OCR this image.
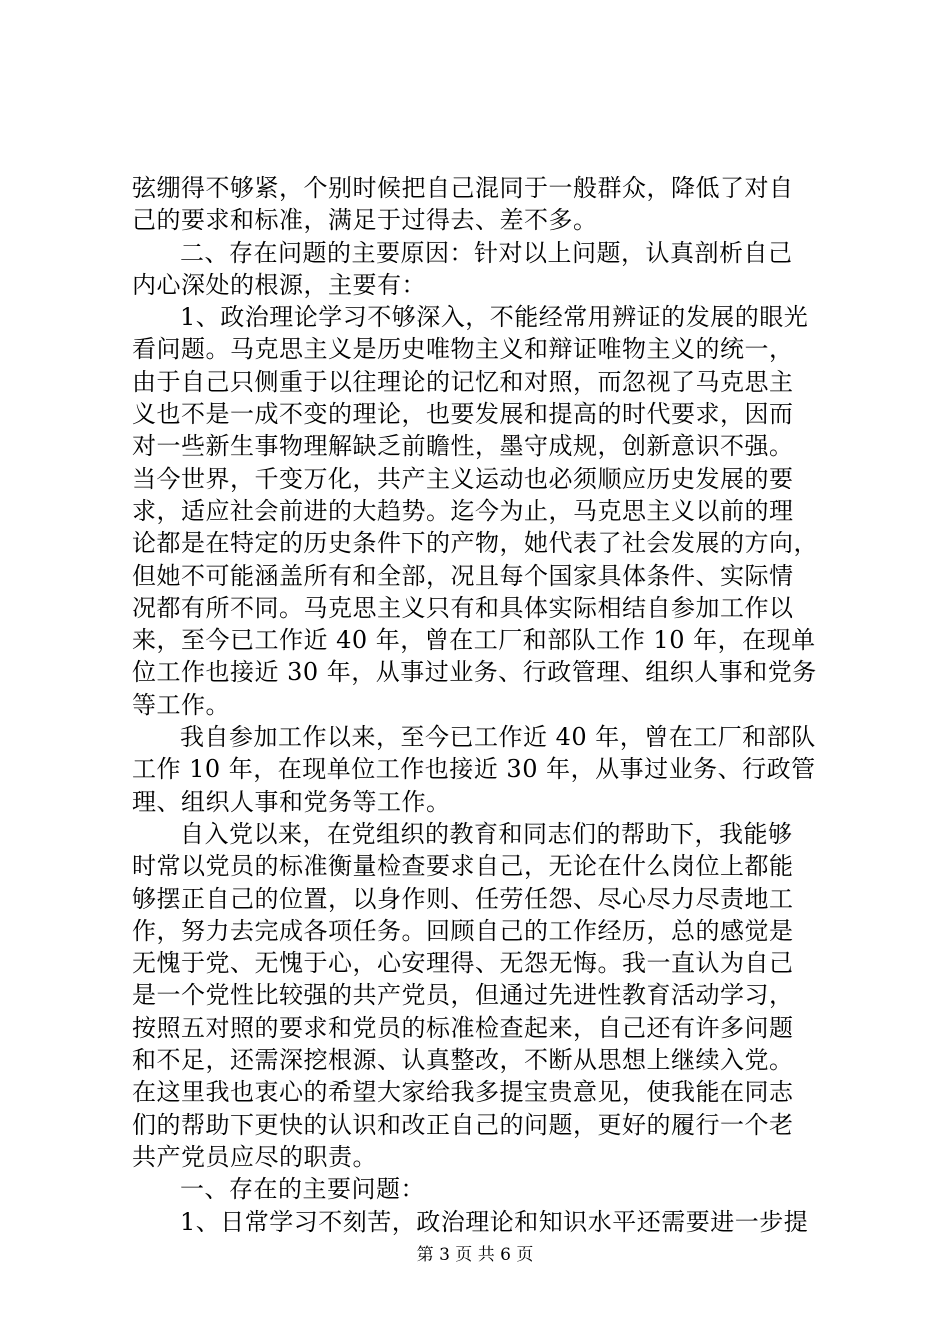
弦绷得不够紧，个别时候把自己混同于一般群众，降低了对自
己的要求和标准，满足于过得去、差不多。
二、存在问题的主要原因：针对以上问题，认真剖析自己
内心深处的根源，主要有：
1、政治理论学习不够深入，不能经常用辨证的发展的眼光
看问题。马克思主义是历史唯物主义和辩证唯物主义的统一，
由于自己只侧重于以往理论的记忆和对照，而忽视了马克思主
义也不是一成不变的理论，也要发展和提高的时代要求，因而
对一些新生事物理解缺乏前瞻性，墨守成规，创新意识不强。
当今世界，千变万化，共产主义运动也必须顺应历史发展的要
求，适应社会前进的大趋势。迄今为止，马克思主义以前的理
论都是在特定的历史条件下的产物，她代表了社会发展的方向，
但她不可能涵盖所有和全部，况且每个国家具体条件、实际情
况都有所不同。马克思主义只有和具体实际相结自参加工作以
来，至今已工作近 40 年，曾在工厂和部队工作 10 年，在现单
位工作也接近 30 年，从事过业务、行政管理、组织人事和党务
等工作。
我自参加工作以来，至今已工作近 40 年，曾在工厂和部队
工作 10 年，在现单位工作也接近 30 年，从事过业务、行政管
理、组织人事和党务等工作。
自入党以来，在党组织的教育和同志们的帮助下，我能够
时常以党员的标准衡量检查要求自己，无论在什么岗位上都能
够摆正自己的位置，以身作则、任劳任怨、尽心尽力尽责地工
作，努力去完成各项任务。回顾自己的工作经历，总的感觉是
无愧于党、无愧于心，心安理得、无怨无悔。我一直认为自己
是一个党性比较强的共产党员，但通过先进性教育活动学习，
按照五对照的要求和党员的标准检查起来，自己还有许多问题
和不足，还需深挖根源、认真整改，不断从思想上继续入党。
在这里我也衷心的希望大家给我多提宝贵意见，使我能在同志
们的帮助下更快的认识和改正自己的问题，更好的履行一个老
共产党员应尽的职责。
一、存在的主要问题：
1、日常学习不刻苦，政治理论和知识水平还需要进一步提
第 3 页 共 6 页
